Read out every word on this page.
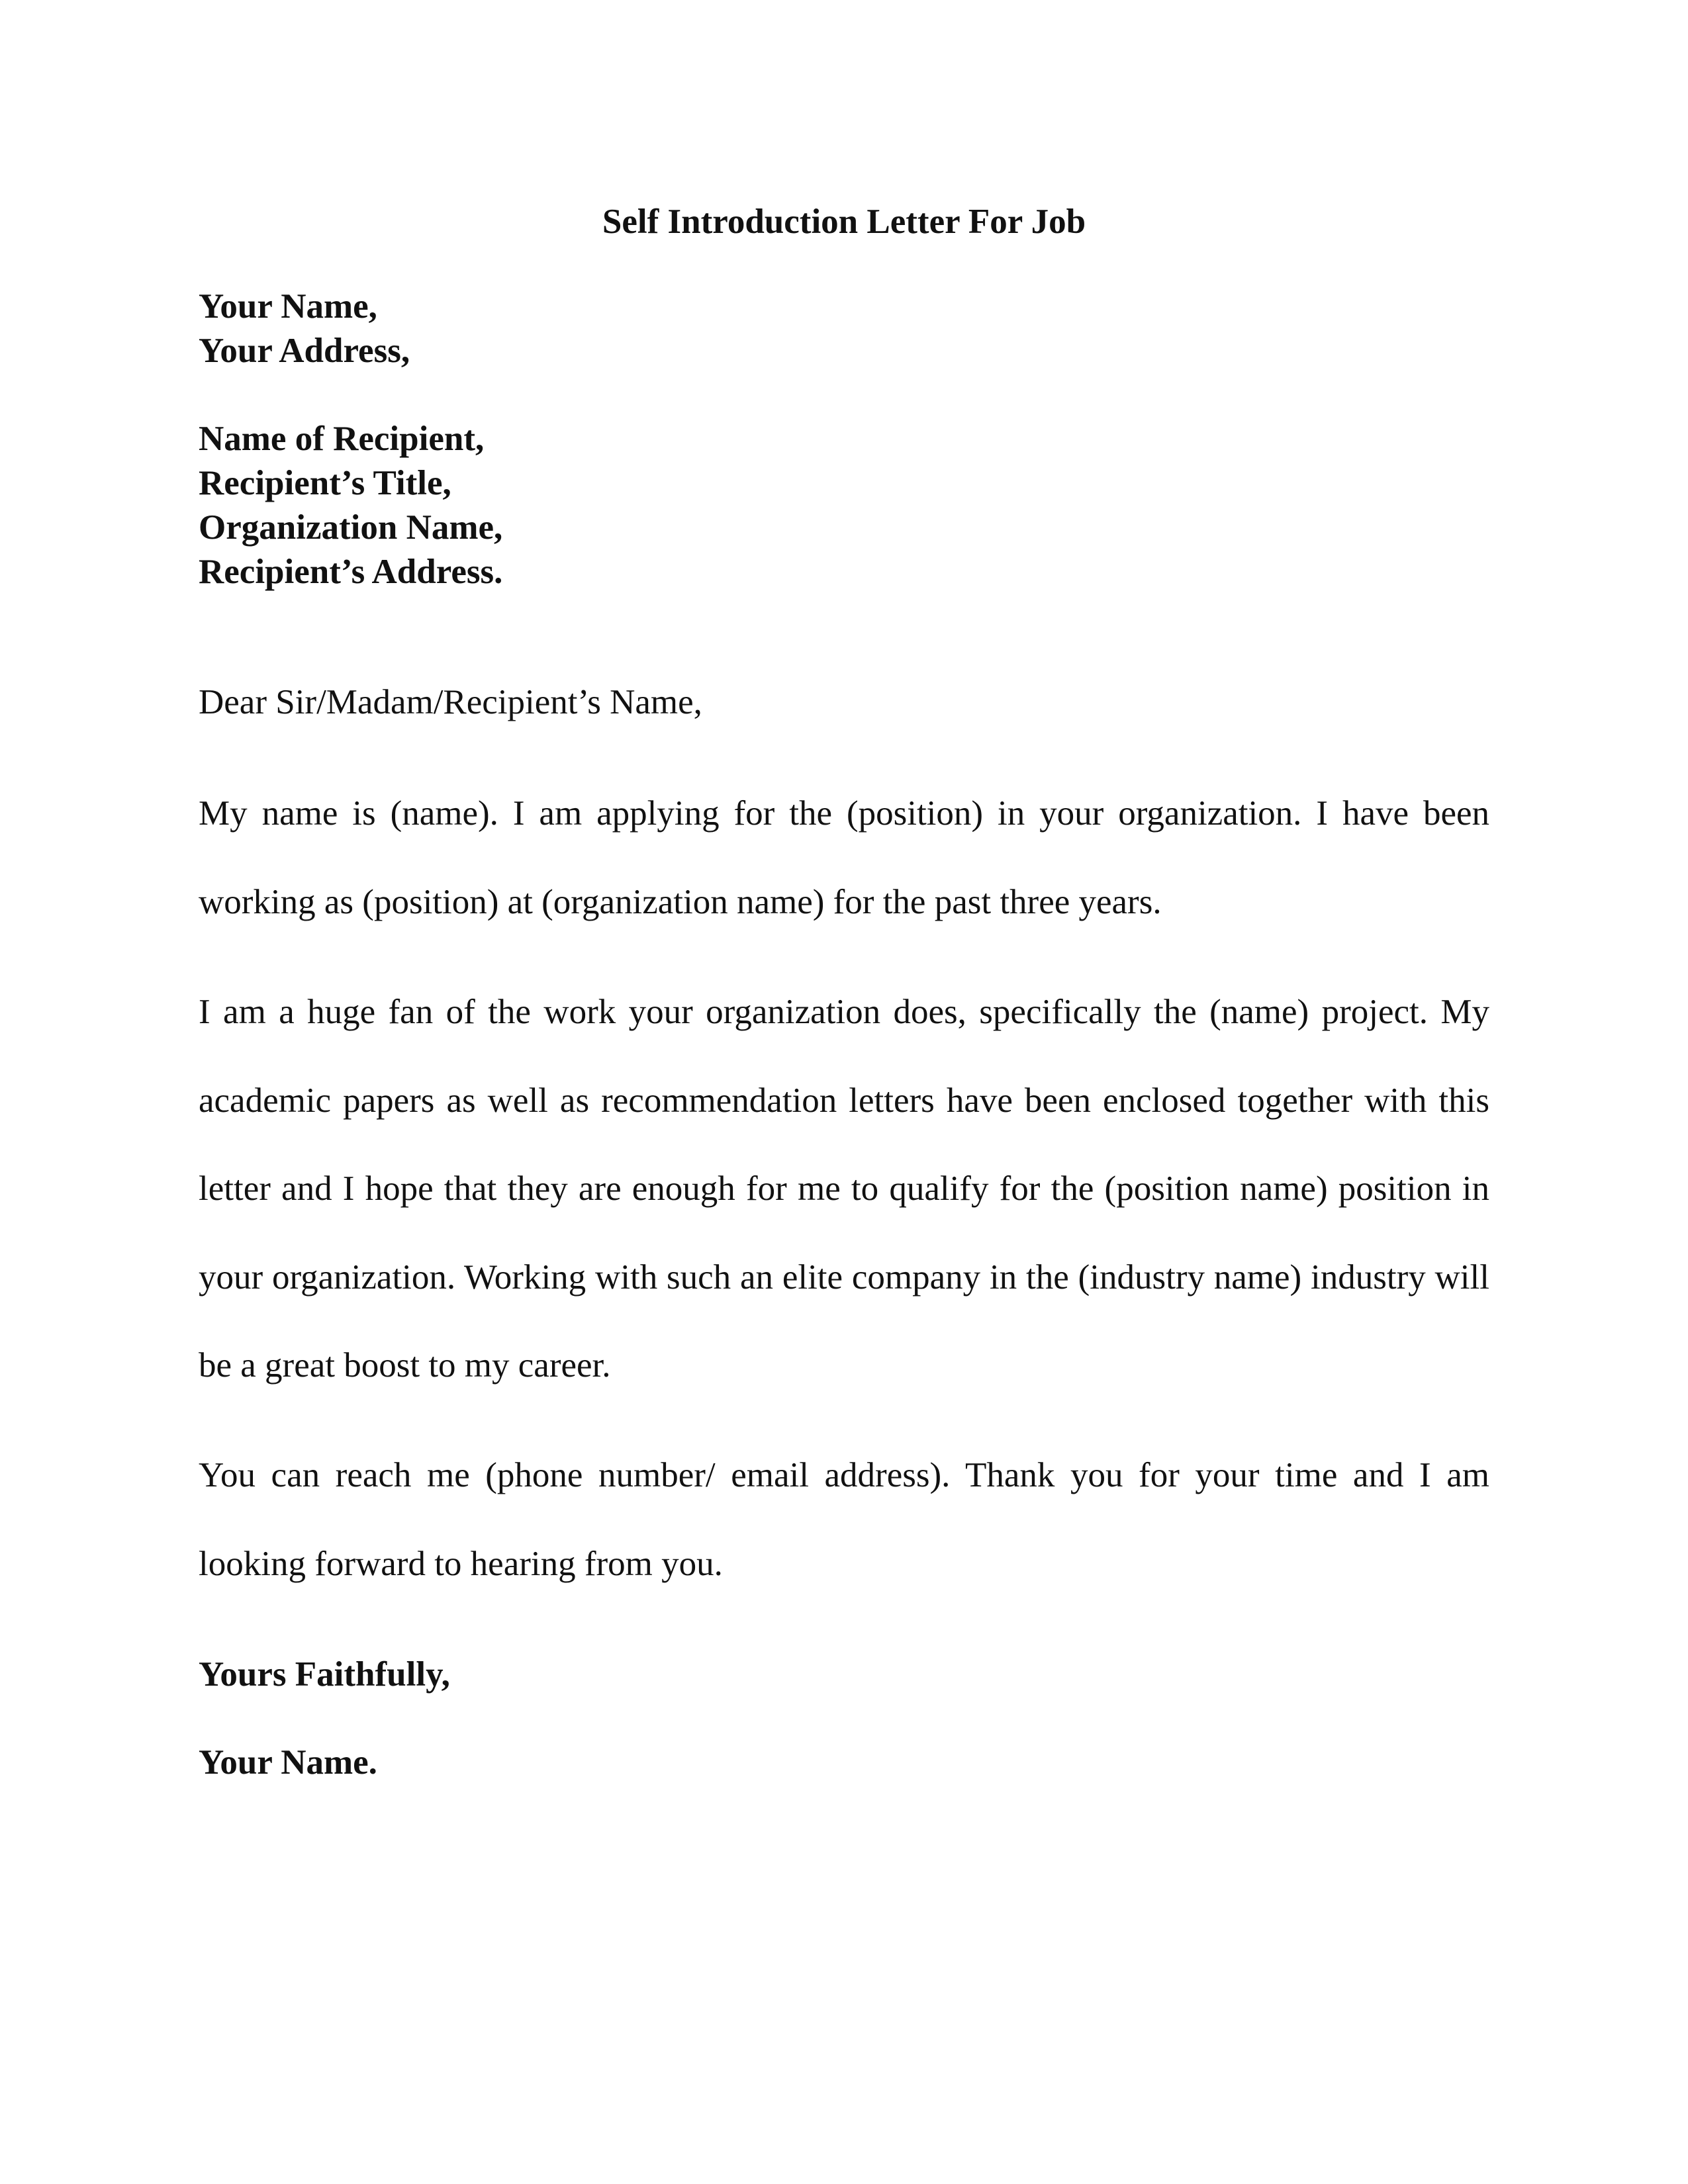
Self Introduction Letter For Job
Your Name,
Your Address,
Name of Recipient,
Recipient’s Title,
Organization Name,
Recipient’s Address.

Dear Sir/Madam/Recipient’s Name,

My name is (name). I am applying for the (position) in your organization. I have been working as (position) at (organization name) for the past three years.

I am a huge fan of the work your organization does, specifically the (name) project. My academic papers as well as recommendation letters have been enclosed together with this letter and I hope that they are enough for me to qualify for the (position name) position in your organization. Working with such an elite company in the (industry name) industry will be a great boost to my career.

You can reach me (phone number/ email address). Thank you for your time and I am looking forward to hearing from you.

Yours Faithfully,

Your Name.
